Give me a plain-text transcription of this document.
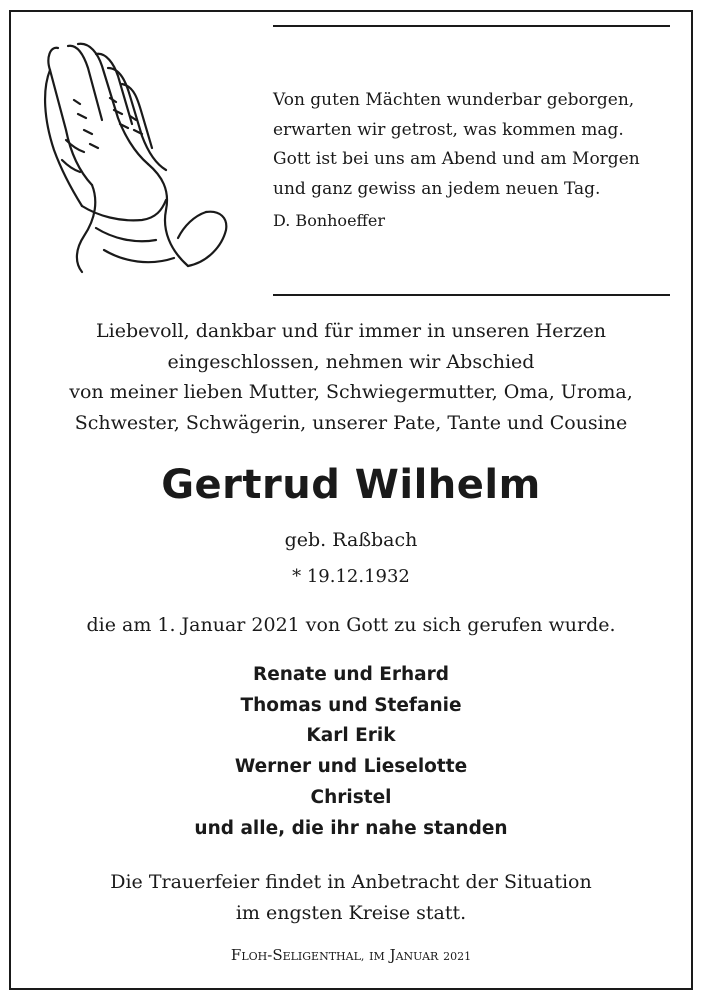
Von guten Mächten wunderbar geborgen,
erwarten wir getrost, was kommen mag.
Gott ist bei uns am Abend und am Morgen
und ganz gewiss an jedem neuen Tag.
D. Bonhoeffer
Liebevoll, dankbar und für immer in unseren Herzen
eingeschlossen, nehmen wir Abschied
von meiner lieben Mutter, Schwiegermutter, Oma, Uroma,
Schwester, Schwägerin, unserer Pate, Tante und Cousine
Gertrud Wilhelm
geb. Raßbach
* 19.12.1932
die am 1. Januar 2021 von Gott zu sich gerufen wurde.
Renate und Erhard
Thomas und Stefanie
Karl Erik
Werner und Lieselotte
Christel
und alle, die ihr nahe standen
Die Trauerfeier findet in Anbetracht der Situation
im engsten Kreise statt.
FLOH-SELIGENTHAL, IM JANUAR 2021
